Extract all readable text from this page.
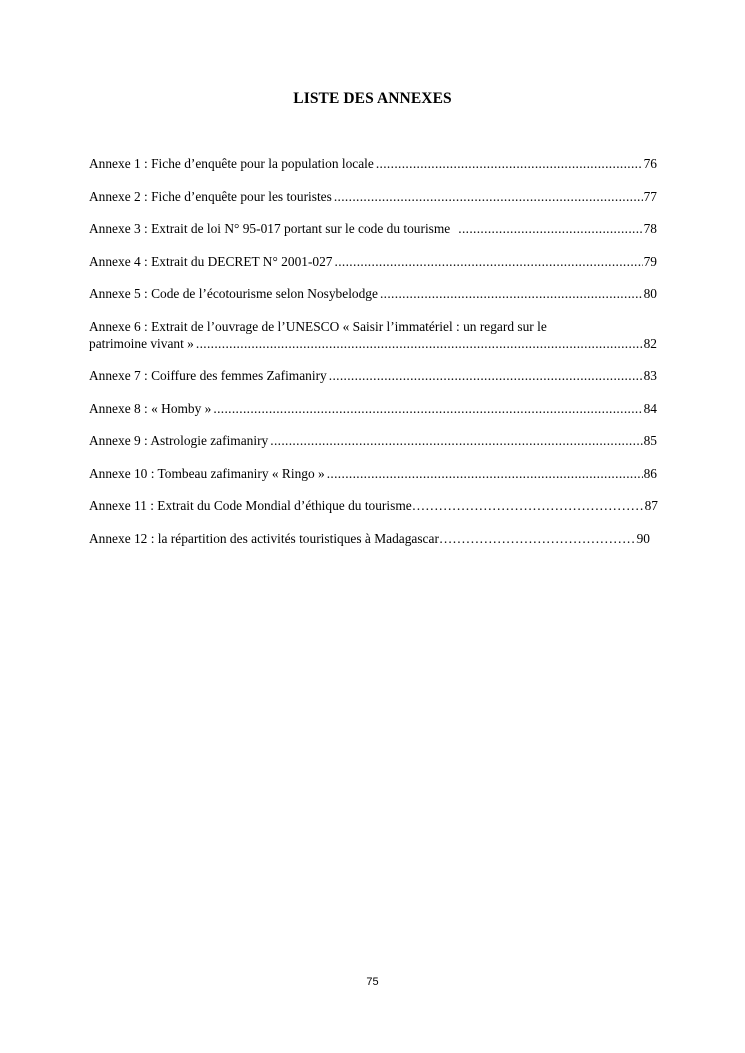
LISTE DES ANNEXES
Annexe 1 : Fiche d’enquête pour la population locale .....	76
Annexe 2 : Fiche d’enquête pour les touristes .....	77
Annexe 3 : Extrait de loi N° 95-017 portant sur le code du tourisme .....	78
Annexe 4 : Extrait du DECRET N° 2001-027 .....	79
Annexe 5 : Code de l’écotourisme selon Nosybelodge .....	80
Annexe 6 : Extrait de l’ouvrage de l’UNESCO « Saisir l’immatériel : un regard sur le
patrimoine vivant » .....	82
Annexe 7 : Coiffure des femmes Zafimaniry .....	83
Annexe 8 : « Homby » .....	84
Annexe 9 : Astrologie zafimaniry .....	85
Annexe 10 : Tombeau zafimaniry « Ringo » .....	86
Annexe 11 : Extrait du Code Mondial d’éthique du tourisme …………………………………………………………………………………………………………………………………………………………	87
Annexe 12 : la répartition des activités touristiques à Madagascar …………………………………………………………………………………………………………………………………………………………	90
75
